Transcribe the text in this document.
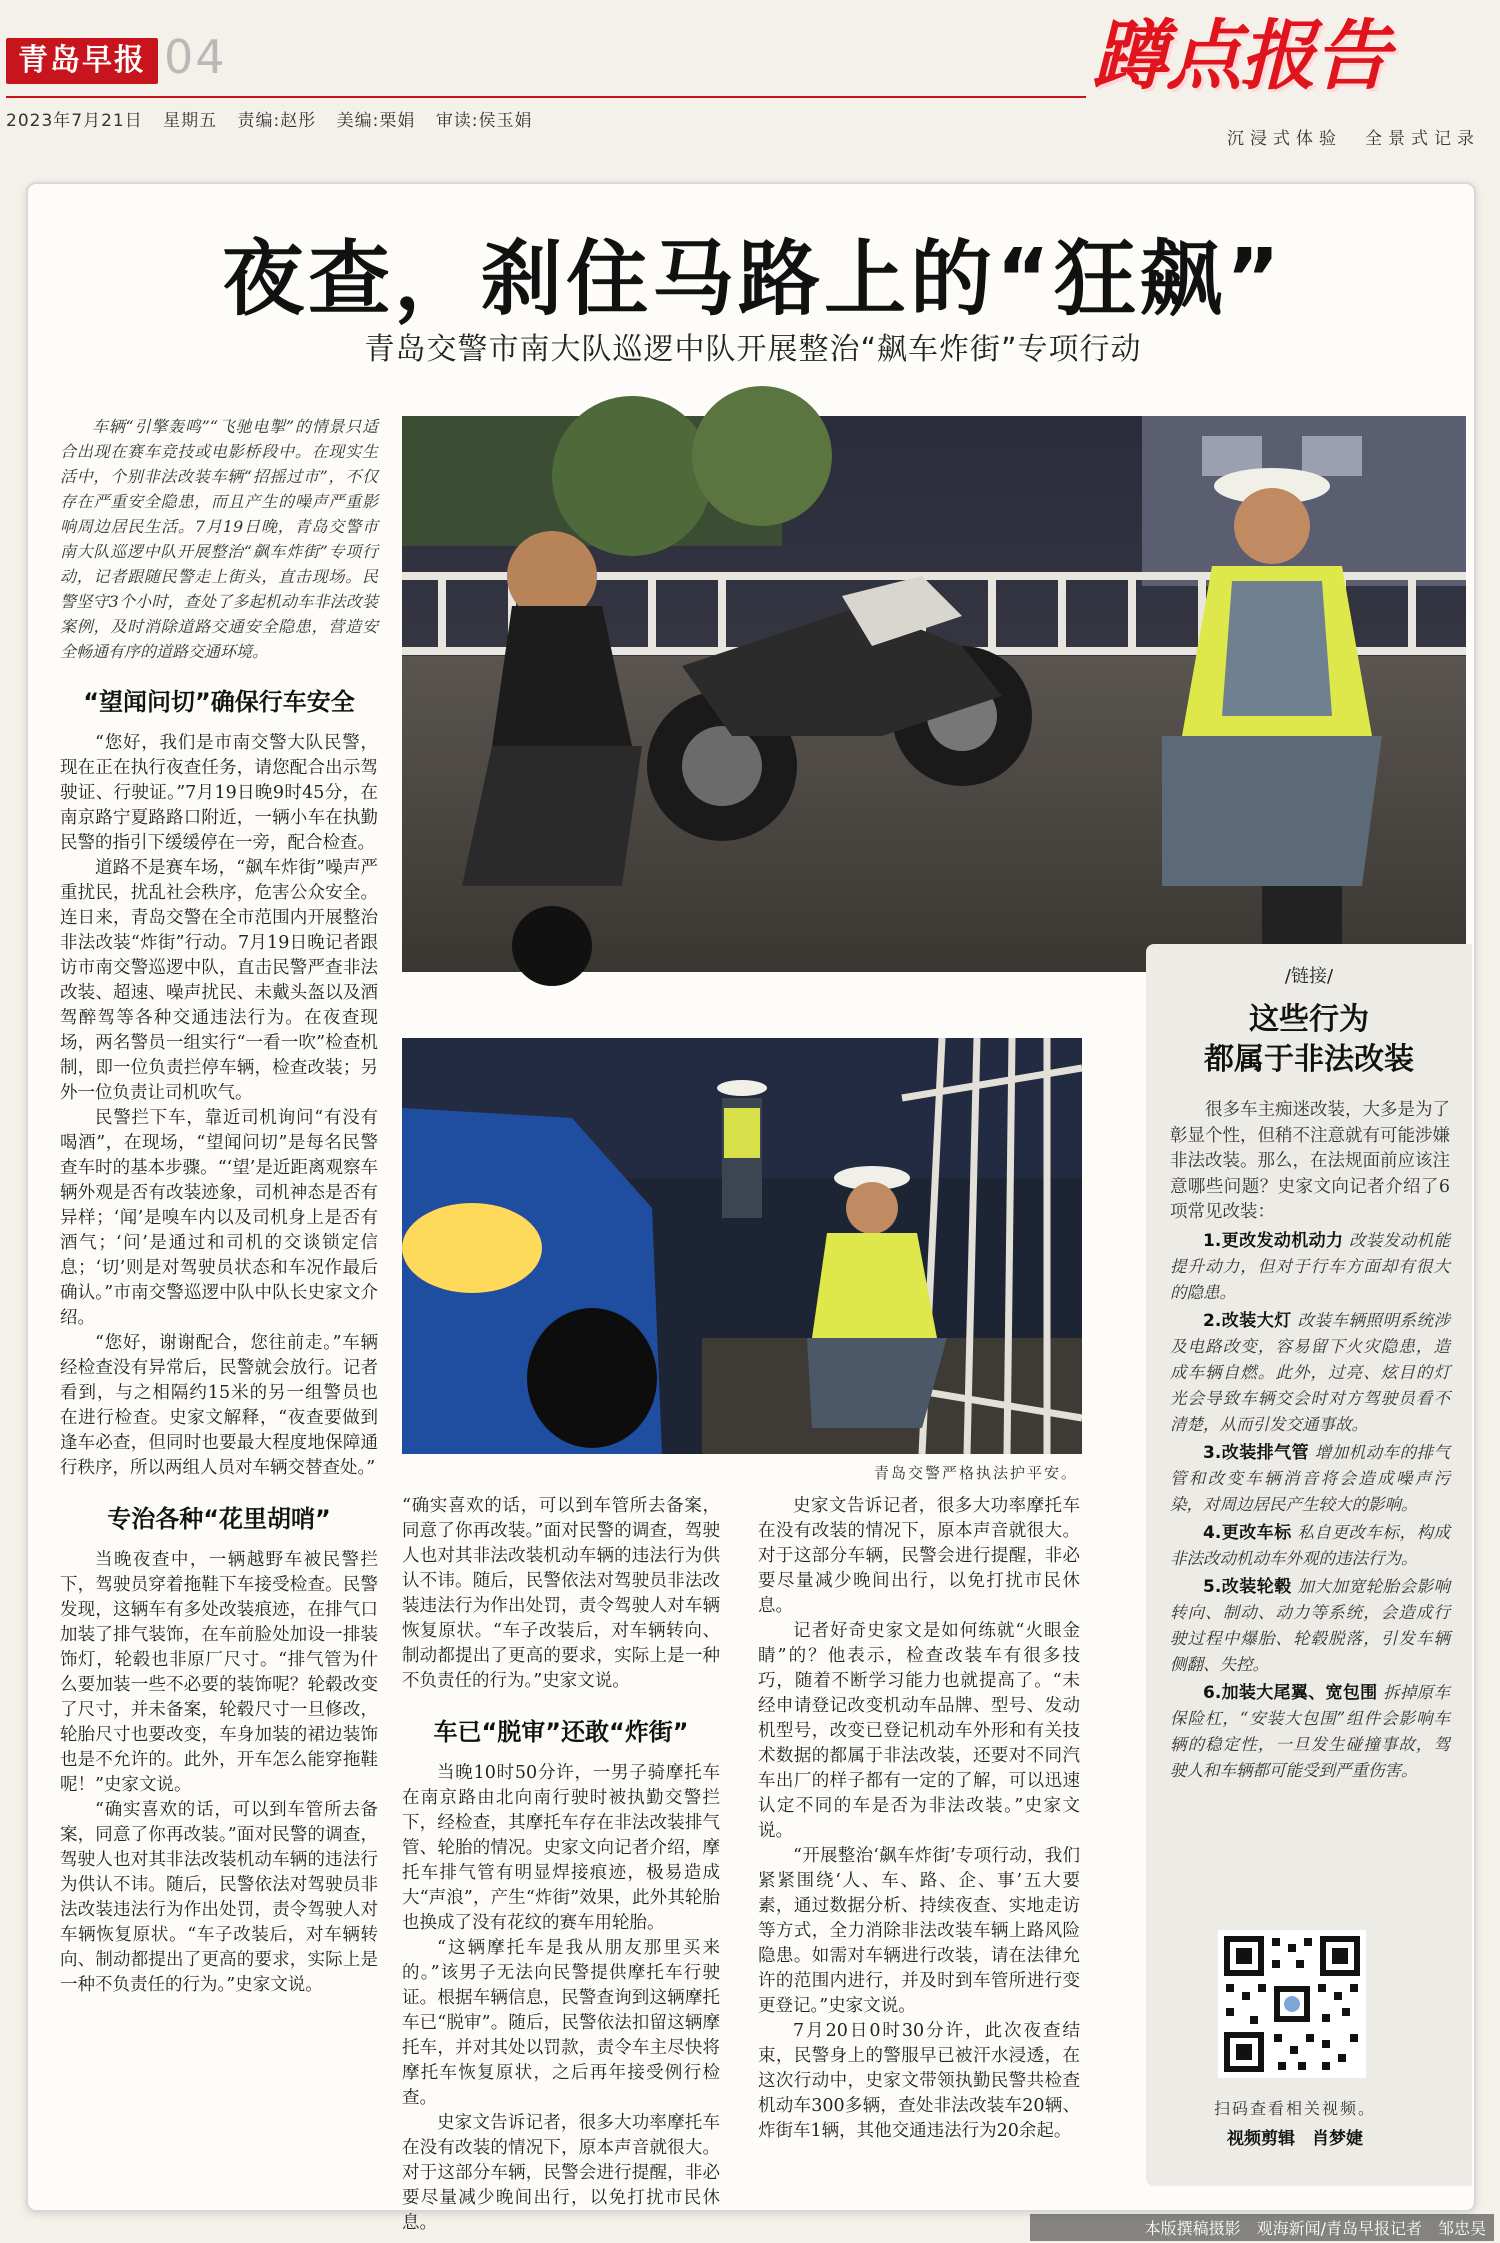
青岛早报 04
2023年7月21日 星期五 责编:赵彤 美编:栗娟 审读:侯玉娟
蹲点报告
沉浸式体验　全景式记录
夜查，刹住马路上的“狂飙”
青岛交警市南大队巡逻中队开展整治“飙车炸街”专项行动

车辆“引擎轰鸣”“飞驰电掣”的情景只适合出现在赛车竞技或电影桥段中。在现实生活中，个别非法改装车辆“招摇过市”，不仅存在严重安全隐患，而且产生的噪声严重影响周边居民生活。7月19日晚，青岛交警市南大队巡逻中队开展整治“飙车炸街”专项行动，记者跟随民警走上街头，直击现场。民警坚守3个小时，查处了多起机动车非法改装案例，及时消除道路交通安全隐患，营造安全畅通有序的道路交通环境。

“望闻问切”确保行车安全

“您好，我们是市南交警大队民警，现在正在执行夜查任务，请您配合出示驾驶证、行驶证。”7月19日晚9时45分，在南京路宁夏路路口附近，一辆小车在执勤民警的指引下缓缓停在一旁，配合检查。

道路不是赛车场，“飙车炸街”噪声严重扰民，扰乱社会秩序，危害公众安全。连日来，青岛交警在全市范围内开展整治非法改装“炸街”行动。7月19日晚记者跟访市南交警巡逻中队，直击民警严查非法改装、超速、噪声扰民、未戴头盔以及酒驾醉驾等各种交通违法行为。在夜查现场，两名警员一组实行“一看一吹”检查机制，即一位负责拦停车辆，检查改装；另外一位负责让司机吹气。

民警拦下车，靠近司机询问“有没有喝酒”，在现场，“望闻问切”是每名民警查车时的基本步骤。“‘望’是近距离观察车辆外观是否有改装迹象，司机神态是否有异样；‘闻’是嗅车内以及司机身上是否有酒气；‘问’是通过和司机的交谈锁定信息；‘切’则是对驾驶员状态和车况作最后确认。”市南交警巡逻中队中队长史家文介绍。

“您好，谢谢配合，您往前走。”车辆经检查没有异常后，民警就会放行。记者看到，与之相隔约15米的另一组警员也在进行检查。史家文解释，“夜查要做到逢车必查，但同时也要最大程度地保障通行秩序，所以两组人员对车辆交替查处。”

专治各种“花里胡哨”

当晚夜查中，一辆越野车被民警拦下，驾驶员穿着拖鞋下车接受检查。民警发现，这辆车有多处改装痕迹，在排气口加装了排气装饰，在车前脸处加设一排装饰灯，轮毂也非原厂尺寸。“排气管为什么要加装一些不必要的装饰呢？轮毂改变了尺寸，并未备案，轮毂尺寸一旦修改，轮胎尺寸也要改变，车身加装的裙边装饰也是不允许的。此外，开车怎么能穿拖鞋呢！”史家文说。

“确实喜欢的话，可以到车管所去备案，同意了你再改装。”面对民警的调查，驾驶人也对其非法改装机动车辆的违法行为供认不讳。随后，民警依法对驾驶员非法改装违法行为作出处罚，责令驾驶人对车辆恢复原状。“车子改装后，对车辆转向、制动都提出了更高的要求，实际上是一种不负责任的行为。”史家文说。

青岛交警严格执法护平安。

“确实喜欢的话，可以到车管所去备案，同意了你再改装。”面对民警的调查，驾驶人也对其非法改装机动车辆的违法行为供认不讳。随后，民警依法对驾驶员非法改装违法行为作出处罚，责令驾驶人对车辆恢复原状。“车子改装后，对车辆转向、制动都提出了更高的要求，实际上是一种不负责任的行为。”史家文说。

车已“脱审”还敢“炸街”

当晚10时50分许，一男子骑摩托车在南京路由北向南行驶时被执勤交警拦下，经检查，其摩托车存在非法改装排气管、轮胎的情况。史家文向记者介绍，摩托车排气管有明显焊接痕迹，极易造成大“声浪”，产生“炸街”效果，此外其轮胎也换成了没有花纹的赛车用轮胎。

“这辆摩托车是我从朋友那里买来的。”该男子无法向民警提供摩托车行驶证。根据车辆信息，民警查询到这辆摩托车已“脱审”。随后，民警依法扣留这辆摩托车，并对其处以罚款，责令车主尽快将摩托车恢复原状，之后再年接受例行检查。

史家文告诉记者，很多大功率摩托车在没有改装的情况下，原本声音就很大。对于这部分车辆，民警会进行提醒，非必要尽量减少晚间出行，以免打扰市民休息。

史家文告诉记者，很多大功率摩托车在没有改装的情况下，原本声音就很大。对于这部分车辆，民警会进行提醒，非必要尽量减少晚间出行，以免打扰市民休息。

记者好奇史家文是如何练就“火眼金睛”的？他表示，检查改装车有很多技巧，随着不断学习能力也就提高了。“未经申请登记改变机动车品牌、型号、发动机型号，改变已登记机动车外形和有关技术数据的都属于非法改装，还要对不同汽车出厂的样子都有一定的了解，可以迅速认定不同的车是否为非法改装。”史家文说。

“开展整治‘飙车炸街’专项行动，我们紧紧围绕‘人、车、路、企、事’五大要素，通过数据分析、持续夜查、实地走访等方式，全力消除非法改装车辆上路风险隐患。如需对车辆进行改装，请在法律允许的范围内进行，并及时到车管所进行变更登记。”史家文说。

7月20日0时30分许，此次夜查结束，民警身上的警服早已被汗水浸透，在这次行动中，史家文带领执勤民警共检查机动车300多辆，查处非法改装车20辆、炸街车1辆，其他交通违法行为20余起。

/链接/
这些行为
都属于非法改装

很多车主痴迷改装，大多是为了彰显个性，但稍不注意就有可能涉嫌非法改装。那么，在法规面前应该注意哪些问题？史家文向记者介绍了6项常见改装：

1.更改发动机动力 改装发动机能提升动力，但对于行车方面却有很大的隐患。

2.改装大灯 改装车辆照明系统涉及电路改变，容易留下火灾隐患，造成车辆自燃。此外，过亮、炫目的灯光会导致车辆交会时对方驾驶员看不清楚，从而引发交通事故。

3.改装排气管 增加机动车的排气管和改变车辆消音将会造成噪声污染，对周边居民产生较大的影响。

4.更改车标 私自更改车标，构成非法改动机动车外观的违法行为。

5.改装轮毂 加大加宽轮胎会影响转向、制动、动力等系统，会造成行驶过程中爆胎、轮毂脱落，引发车辆侧翻、失控。

6.加装大尾翼、宽包围 拆掉原车保险杠，“安装大包围”组件会影响车辆的稳定性，一旦发生碰撞事故，驾驶人和车辆都可能受到严重伤害。

扫码查看相关视频。
视频剪辑　肖梦婕
本版撰稿摄影　观海新闻/青岛早报记者　邹忠昊
